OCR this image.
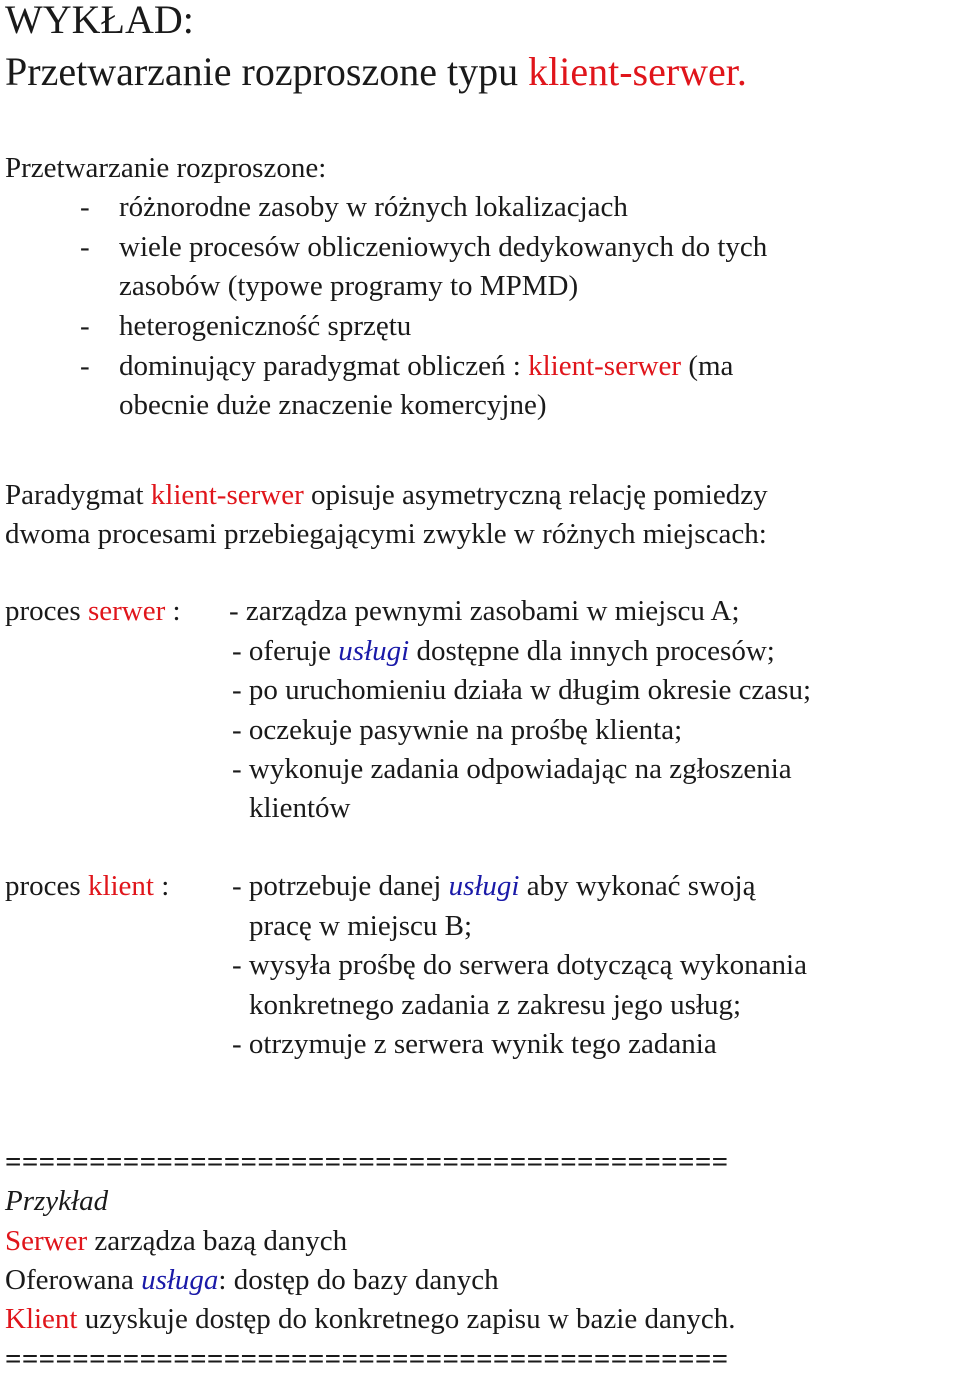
WYKŁAD:
Przetwarzanie rozproszone typu klient-serwer.
Przetwarzanie rozproszone:
- różnorodne zasoby w różnych lokalizacjach
- wiele procesów obliczeniowych dedykowanych do tych
zasobów (typowe programy to MPMD)
- heterogeniczność sprzętu
- dominujący paradygmat obliczeń : klient-serwer (ma
obecnie duże znaczenie komercyjne)
Paradygmat klient-serwer opisuje asymetryczną relację pomiedzy
dwoma procesami przebiegającymi zwykle w różnych miejscach:
proces serwer : - zarządza pewnymi zasobami w miejscu A;
- oferuje usługi dostępne dla innych procesów;
- po uruchomieniu działa w długim okresie czasu;
- oczekuje pasywnie na prośbę klienta;
- wykonuje zadania odpowiadając na zgłoszenia
klientów
proces klient : - potrzebuje danej usługi aby wykonać swoją
pracę w miejscu B;
- wysyła prośbę do serwera dotyczącą wykonania
konkretnego zadania z zakresu jego usług;
- otrzymuje z serwera wynik tego zadania
===========================================
Przykład
Serwer zarządza bazą danych
Oferowana usługa: dostęp do bazy danych
Klient uzyskuje dostęp do konkretnego zapisu w bazie danych.
===========================================
